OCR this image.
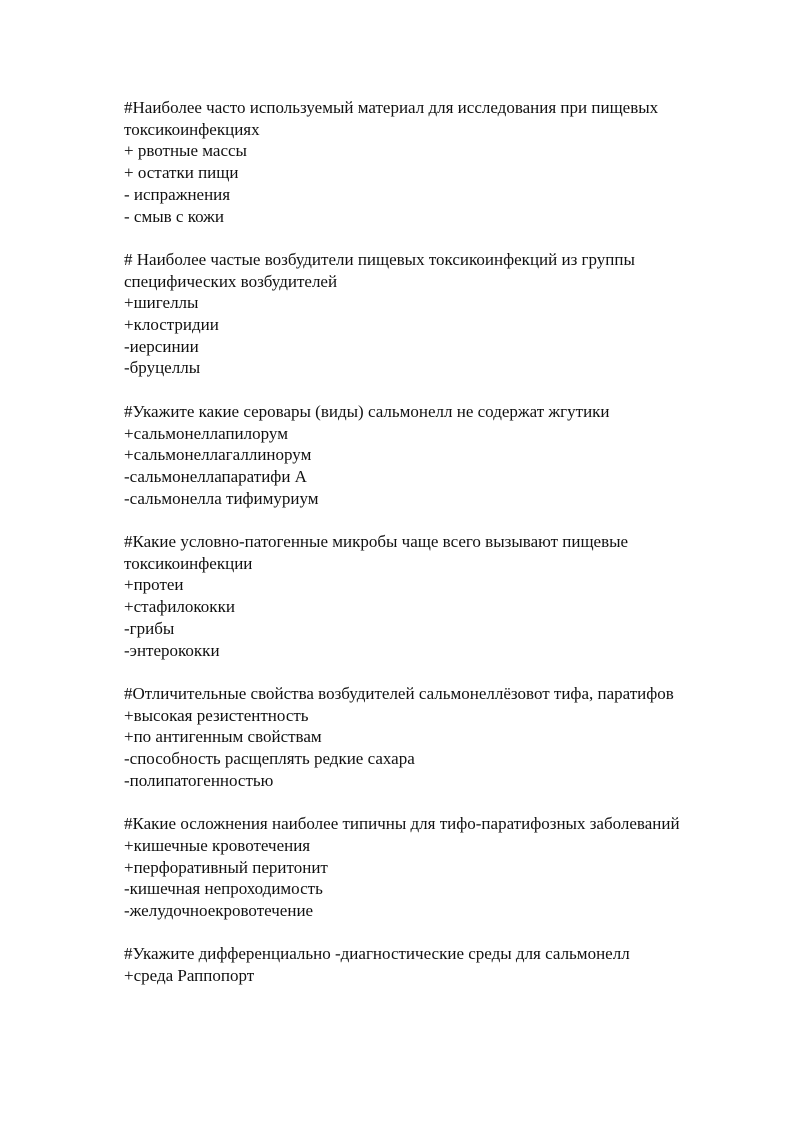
#Наиболее часто используемый материал для исследования при пищевых токсикоинфекциях
+ рвотные массы
+ остатки пищи
- испражнения
- смыв с кожи
# Наиболее частые возбудители пищевых токсикоинфекций из группы специфических возбудителей
+шигеллы
+клостридии
-иерсинии
-бруцеллы
#Укажите какие серовары (виды) сальмонелл не содержат жгутики
+сальмонеллапилорум
+сальмонеллагаллинорум
-сальмонеллапаратифи А
-сальмонелла тифимуриум
#Какие условно-патогенные микробы чаще всего вызывают пищевые токсикоинфекции
+протеи
+стафилококки
-грибы
-энтерококки
#Отличительные свойства возбудителей сальмонеллёзовот тифа, паратифов
+высокая резистентность
+по антигенным свойствам
-способность расщеплять редкие сахара
-полипатогенностью
#Какие осложнения наиболее типичны для тифо-паратифозных заболеваний
+кишечные кровотечения
+перфоративный перитонит
-кишечная непроходимость
-желудочноекровотечение
#Укажите дифференциально -диагностические среды для сальмонелл
+среда Раппопорт
